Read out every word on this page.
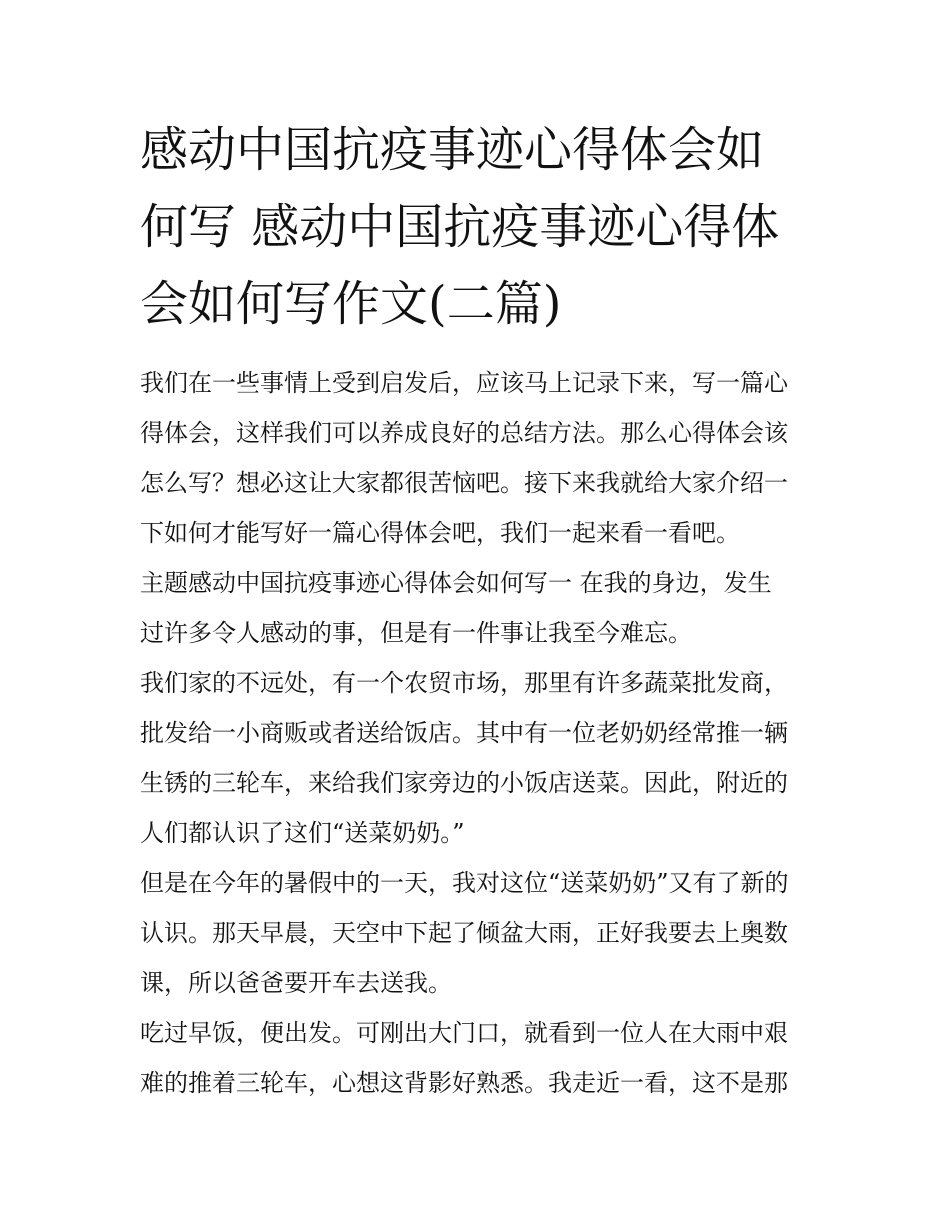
感动中国抗疫事迹心得体会如
何写 感动中国抗疫事迹心得体
会如何写作文(二篇)
我们在一些事情上受到启发后，应该马上记录下来，写一篇心
得体会，这样我们可以养成良好的总结方法。那么心得体会该
怎么写？想必这让大家都很苦恼吧。接下来我就给大家介绍一
下如何才能写好一篇心得体会吧，我们一起来看一看吧。
主题感动中国抗疫事迹心得体会如何写一 在我的身边，发生
过许多令人感动的事，但是有一件事让我至今难忘。
我们家的不远处，有一个农贸市场，那里有许多蔬菜批发商，
批发给一小商贩或者送给饭店。其中有一位老奶奶经常推一辆
生锈的三轮车，来给我们家旁边的小饭店送菜。因此，附近的
人们都认识了这们“送菜奶奶。”
但是在今年的暑假中的一天，我对这位“送菜奶奶”又有了新的
认识。那天早晨，天空中下起了倾盆大雨，正好我要去上奥数
课，所以爸爸要开车去送我。
吃过早饭，便出发。可刚出大门口，就看到一位人在大雨中艰
难的推着三轮车，心想这背影好熟悉。我走近一看，这不是那
